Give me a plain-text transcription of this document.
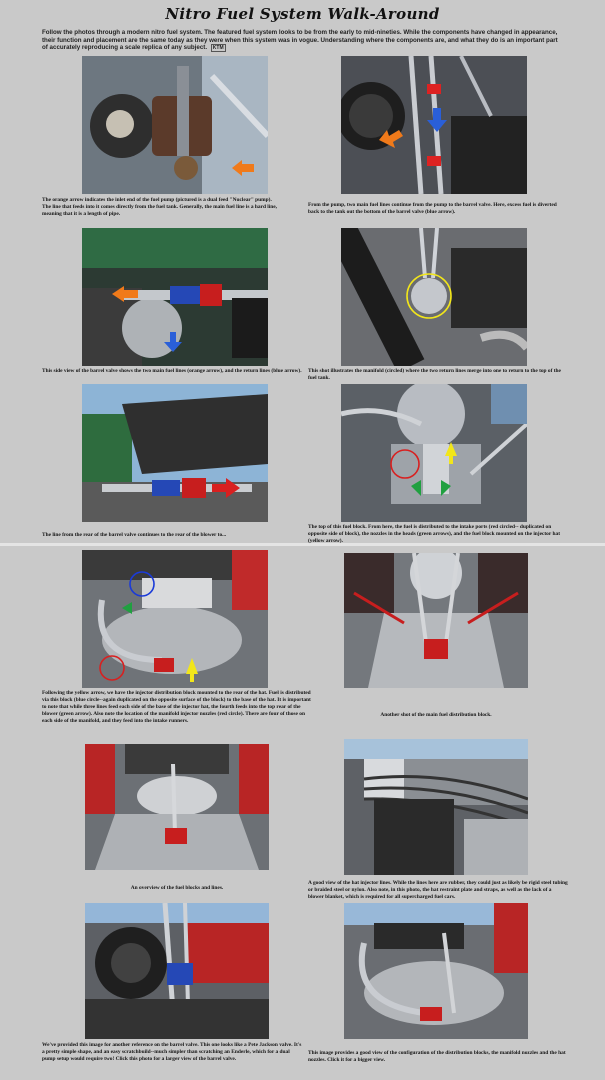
Nitro Fuel System Walk-Around
Follow the photos through a modern nitro fuel system. The featured fuel system looks to be from the early to mid-nineties. While the components have changed in appearance, their function and placement are the same today as they were when this system was in vogue. Understanding where the components are, and what they do is an important part of accurately reproducing a scale replica of any subject. KTM
The orange arrow indicates the inlet end of the fuel pump (pictured is a dual feed "Nuclear" pump). The line that feeds into it comes directly from the fuel tank. Generally, the main fuel line is a hard line, meaning that it is a length of pipe.
From the pump, two main fuel lines continue from the pump to the barrel valve. Here, excess fuel is diverted back to the tank out the bottom of the barrel valve (blue arrow).
This side view of the barrel valve shows the two main fuel lines (orange arrow), and the return lines (blue arrow).	This shot illustrates the manifold (circled) where the two return lines merge into one to return to the top of the fuel tank.
The line from the rear of the barrel valve continues to the rear of the blower to...
The top of this fuel block. From here, the fuel is distributed to the intake ports (red circled-- duplicated on opposite side of block), the nozzles in the heads (green arrows), and the fuel block mounted on the injector hat (yellow arrow).
Following the yellow arrow, we have the injector distribution block mounted to the rear of the hat. Fuel is distributed via this block (blue circle--again duplicated on the opposite surface of the block) to the base of the hat. It is important to note that while three lines feed each side of the base of the injector hat, the fourth feeds into the top rear of the blower (green arrow). Also note the location of the manifold injector nozzles (red circle). There are four of those on each side of the manifold, and they feed into the intake runners.
Another shot of the main fuel distribution block.
An overview of the fuel blocks and lines.
A good view of the hat injector lines. While the lines here are rubber, they could just as likely be rigid steel tubing or braided steel or nylon. Also note, in this photo, the hat restraint plate and straps, as well as the lack of a blower blanket, which is required for all supercharged fuel cars.
We've provided this image for another reference on the barrel valve. This one looks like a Pete Jackson valve. It's a pretty simple shape, and an easy scratchbuild--much simpler than scratching an Enderle, which for a dual pump setup would require two! Click this photo for a larger view of the barrel valve.
This image provides a good view of the configuration of the distribution blocks, the manifold nozzles and the hat nozzles. Click it for a bigger view.
